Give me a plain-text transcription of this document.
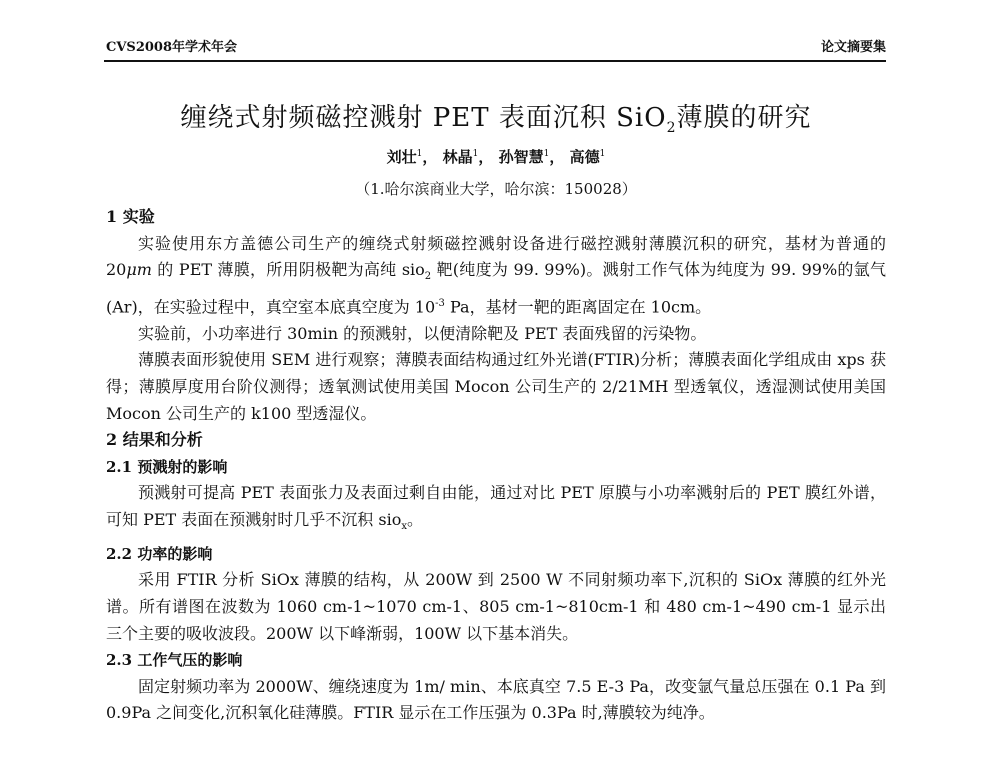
CVS2008年学术年会	论文摘要集
缠绕式射频磁控溅射 PET 表面沉积 SiO$_2$薄膜的研究
刘壮$^1$， 林晶$^1$， 孙智慧$^1$， 高德$^1$
（1.哈尔滨商业大学，哈尔滨：150028）
1 实验

实验使用东方盖德公司生产的缠绕式射频磁控溅射设备进行磁控溅射薄膜沉积的研究，基材为普通的 20μm 的 PET 薄膜，所用阴极靶为高纯 sio$_2$ 靶(纯度为 99. 99%)。溅射工作气体为纯度为 99. 99%的氩气(Ar)，在实验过程中，真空室本底真空度为 $10^{-3}$ Pa，基材一靶的距离固定在 10cm。

实验前，小功率进行 30min 的预溅射，以便清除靶及 PET 表面残留的污染物。

薄膜表面形貌使用 SEM 进行观察；薄膜表面结构通过红外光谱(FTIR)分析；薄膜表面化学组成由 xps 获得；薄膜厚度用台阶仪测得；透氧测试使用美国 Mocon 公司生产的 2/21MH 型透氧仪，透湿测试使用美国 Mocon 公司生产的 k100 型透湿仪。

2 结果和分析
2.1 预溅射的影响

预溅射可提高 PET 表面张力及表面过剩自由能，通过对比 PET 原膜与小功率溅射后的 PET 膜红外谱，可知 PET 表面在预溅射时几乎不沉积 sio$_x$。

2.2 功率的影响

采用 FTIR 分析 SiOx 薄膜的结构，从 200W 到 2500 W 不同射频功率下,沉积的 SiOx 薄膜的红外光谱。所有谱图在波数为 1060 cm-1~1070 cm-1、805 cm-1~810cm-1 和 480 cm-1~490 cm-1 显示出三个主要的吸收波段。200W 以下峰渐弱，100W 以下基本消失。

2.3 工作气压的影响

固定射频功率为 2000W、缠绕速度为 1m/ min、本底真空 7.5 E-3 Pa，改变氩气量总压强在 0.1 Pa 到 0.9Pa 之间变化,沉积氧化硅薄膜。FTIR 显示在工作压强为 0.3Pa 时,薄膜较为纯净。
